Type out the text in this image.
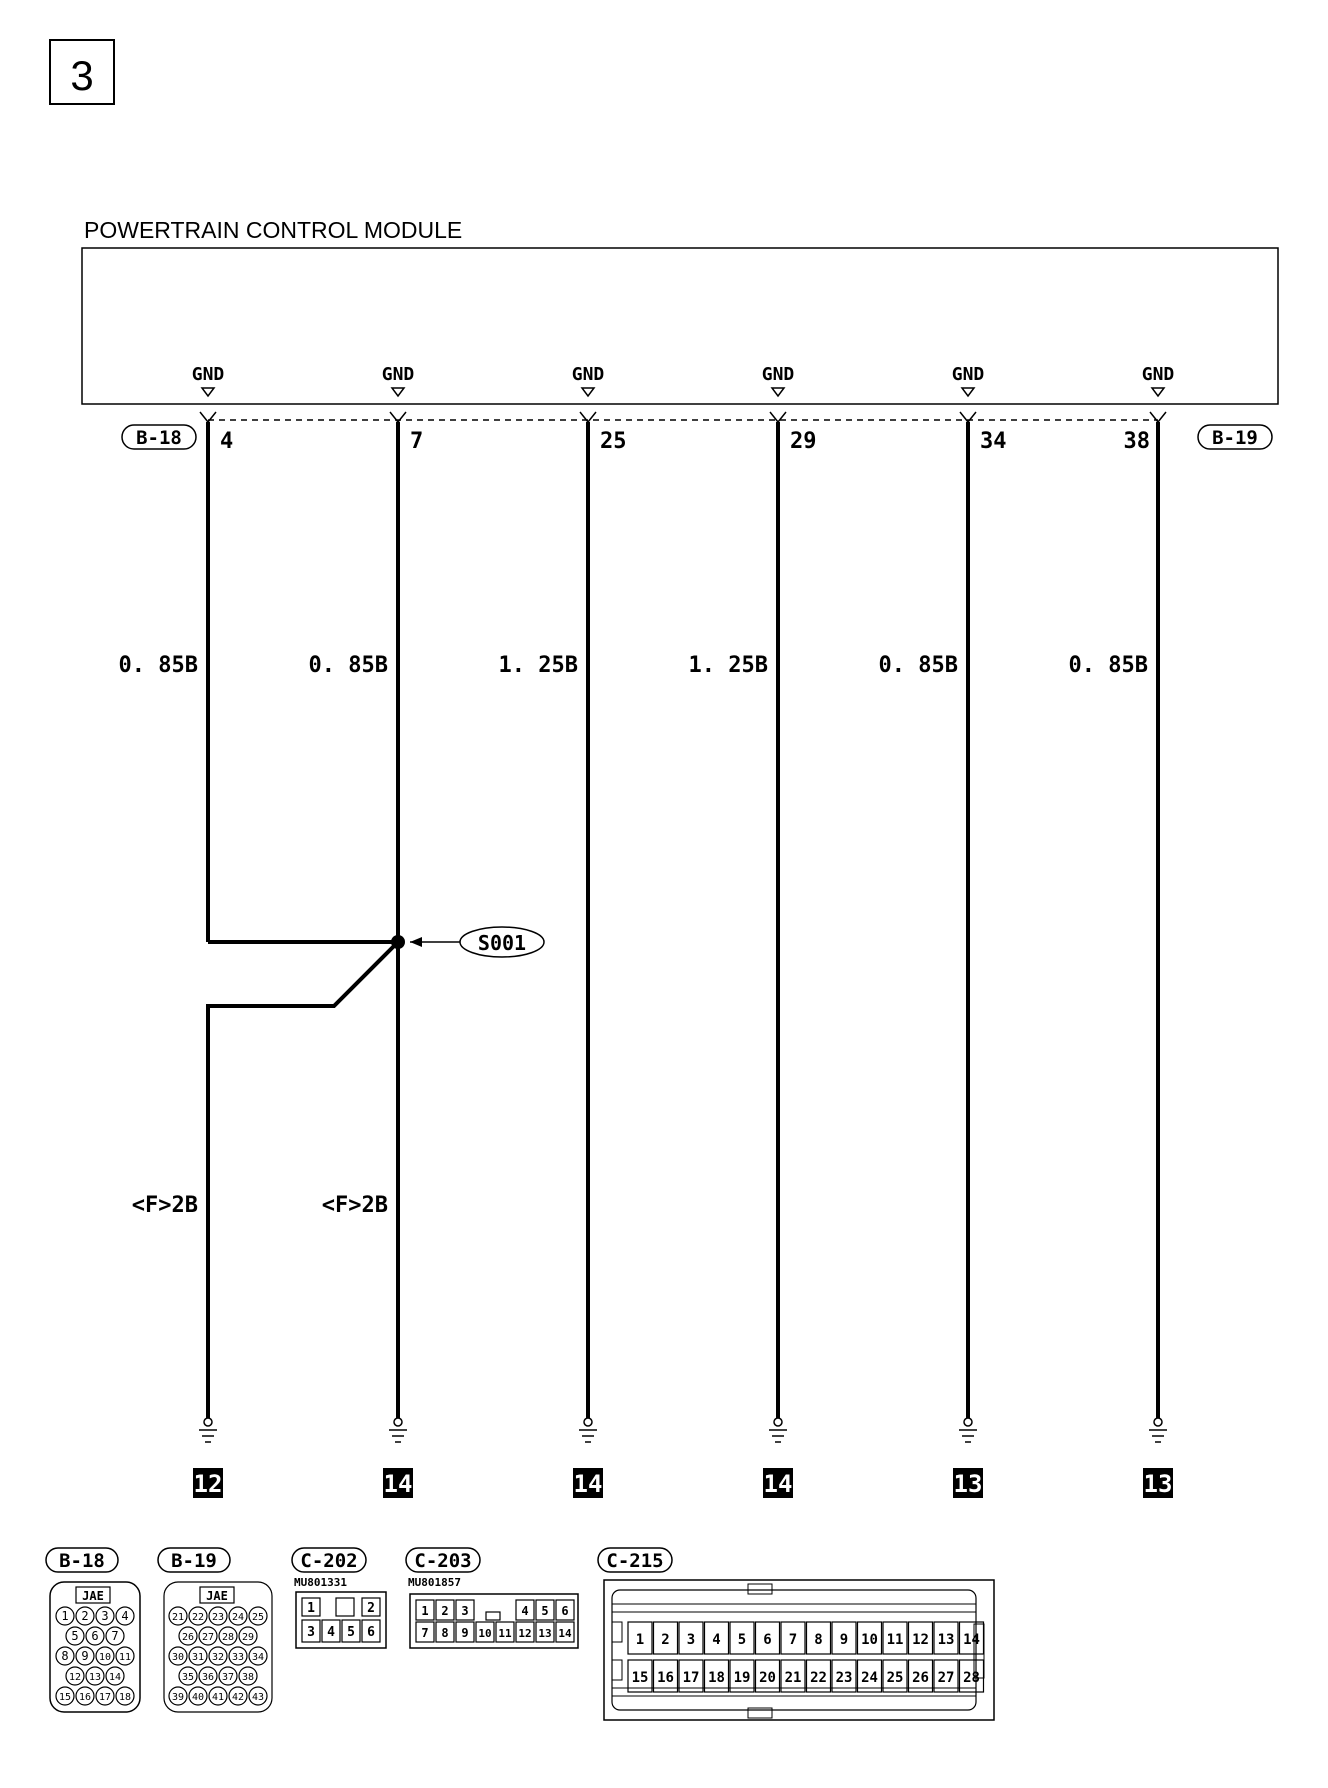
3
POWERTRAIN CONTROL MODULE
B-18	B-19
GND
4
0. 85B
12
GND
7
0. 85B
14
GND
25
1. 25B
14
GND
29
1. 25B
14
GND
34
0. 85B
13
GND
38
0. 85B
13
S001
<F>2B	<F>2B
B-18
JAE
1 2 3 4
5 6 7
8 9 10 11
12 13 14
15 16 17 18
B-19
JAE
21 22 23 24 25
26 27 28 29
30 31 32 33 34
35 36 37 38
39 40 41 42 43
C-202
MU801331
1	2
3 4 5 6
C-203
MU801857
1 2 3	4 5 6
7 8 9 10 11 12 13 14
C-215
1 2 3 4 5 6 7 8 9 10 11 12 13 14
15 16 17 18 19 20 21 22 23 24 25 26 27 28
